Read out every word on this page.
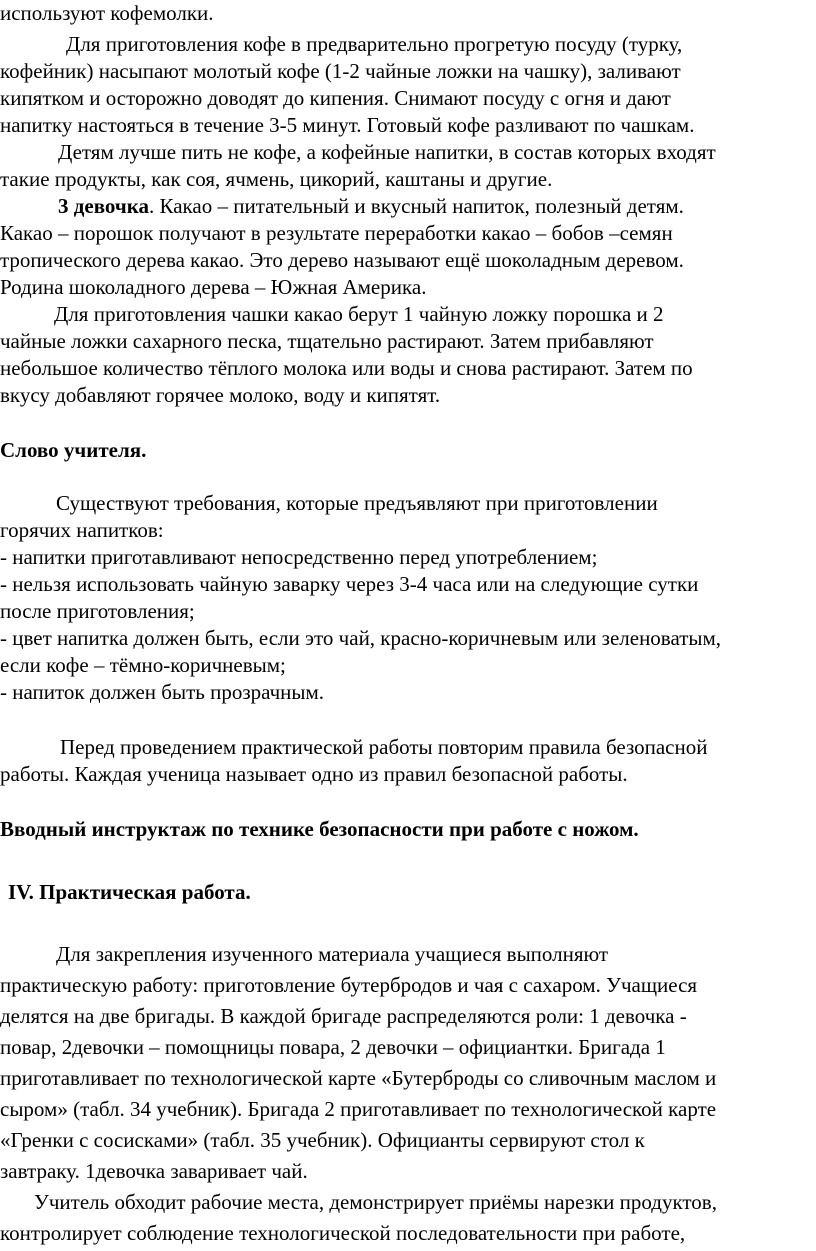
используют кофемолки.
Для приготовления кофе в предварительно прогретую посуду (турку,
кофейник) насыпают молотый кофе (1-2 чайные ложки на чашку), заливают
кипятком и осторожно доводят до кипения. Снимают посуду с огня и дают
напитку настояться в течение 3-5 минут. Готовый кофе разливают по чашкам.
Детям лучше пить не кофе, а кофейные напитки, в состав которых входят
такие продукты, как соя, ячмень, цикорий, каштаны и другие.
3 девочка. Какао – питательный и вкусный напиток, полезный детям.
Какао – порошок получают в результате переработки какао – бобов –семян
тропического дерева какао. Это дерево называют ещё шоколадным деревом.
Родина шоколадного дерева – Южная Америка.
Для приготовления чашки какао берут 1 чайную ложку порошка и 2
чайные ложки сахарного песка, тщательно растирают. Затем прибавляют
небольшое количество тёплого молока или воды и снова растирают. Затем по
вкусу добавляют горячее молоко, воду и кипятят.
Слово учителя.
Существуют требования, которые предъявляют при приготовлении
горячих напитков:
- напитки приготавливают непосредственно перед употреблением;
- нельзя использовать чайную заварку через 3-4 часа или на следующие сутки
после приготовления;
- цвет напитка должен быть, если это чай, красно-коричневым или зеленоватым,
если кофе – тёмно-коричневым;
- напиток должен быть прозрачным.
Перед проведением практической работы повторим правила безопасной
работы. Каждая ученица называет одно из правил безопасной работы.
Вводный инструктаж по технике безопасности при работе с ножом.
IV. Практическая работа.
Для закрепления изученного материала учащиеся выполняют
практическую работу: приготовление бутербродов и чая с сахаром. Учащиеся
делятся на две бригады. В каждой бригаде распределяются роли: 1 девочка -
повар, 2девочки – помощницы повара, 2 девочки – официантки. Бригада 1
приготавливает по технологической карте «Бутерброды со сливочным маслом и
сыром» (табл. 34 учебник). Бригада 2 приготавливает по технологической карте
«Гренки с сосисками» (табл. 35 учебник). Официанты сервируют стол к
завтраку. 1девочка заваривает чай.
Учитель обходит рабочие места, демонстрирует приёмы нарезки продуктов,
контролирует соблюдение технологической последовательности при работе,
